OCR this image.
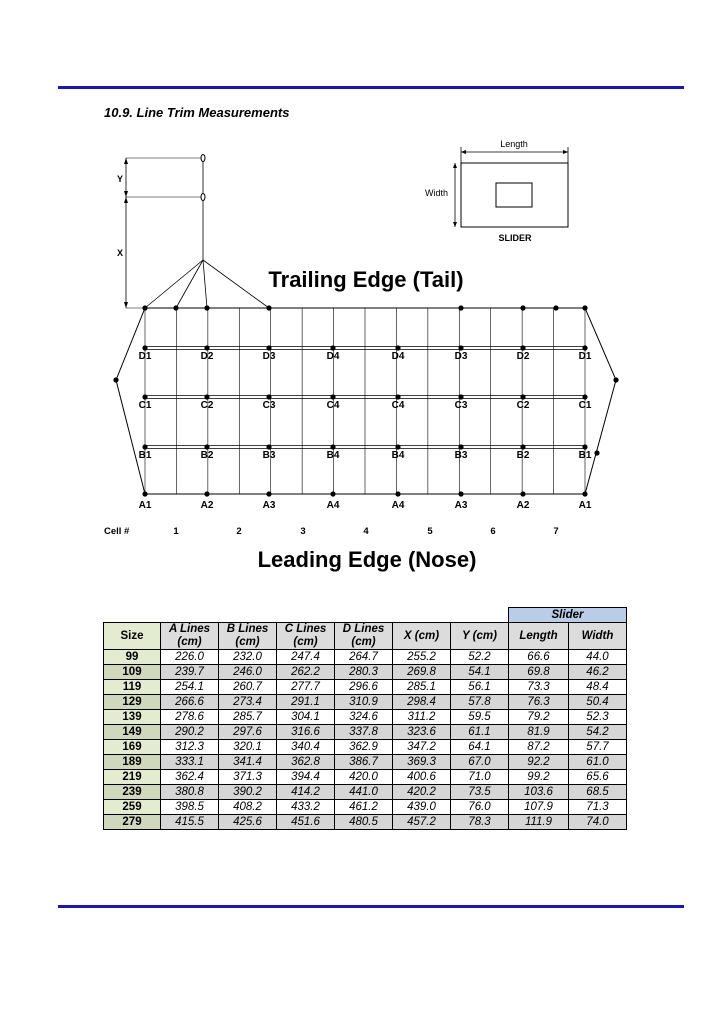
10.9. Line Trim Measurements
D1	D2	D3	D4	D4	D3	D2	D1
C1	C2	C3	C4	C4	C3	C2	C1
B1	B2	B3	B4	B4	B3	B2	B1
A1	A2	A3	A4	A4	A3	A2	A1
Length
Width
SLIDER
Y
X
Trailing Edge (Tail)
Leading Edge (Nose)
Cell #	1	2	3	4	5	6	7
							Slider	
Size	A Lines (cm)	B Lines (cm)	C Lines (cm)	D Lines (cm)	X (cm)	Y (cm)	Length	Width
99	226.0	232.0	247.4	264.7	255.2	52.2	66.6	44.0
109	239.7	246.0	262.2	280.3	269.8	54.1	69.8	46.2
119	254.1	260.7	277.7	296.6	285.1	56.1	73.3	48.4
129	266.6	273.4	291.1	310.9	298.4	57.8	76.3	50.4
139	278.6	285.7	304.1	324.6	311.2	59.5	79.2	52.3
149	290.2	297.6	316.6	337.8	323.6	61.1	81.9	54.2
169	312.3	320.1	340.4	362.9	347.2	64.1	87.2	57.7
189	333.1	341.4	362.8	386.7	369.3	67.0	92.2	61.0
219	362.4	371.3	394.4	420.0	400.6	71.0	99.2	65.6
239	380.8	390.2	414.2	441.0	420.2	73.5	103.6	68.5
259	398.5	408.2	433.2	461.2	439.0	76.0	107.9	71.3
279	415.5	425.6	451.6	480.5	457.2	78.3	111.9	74.0
